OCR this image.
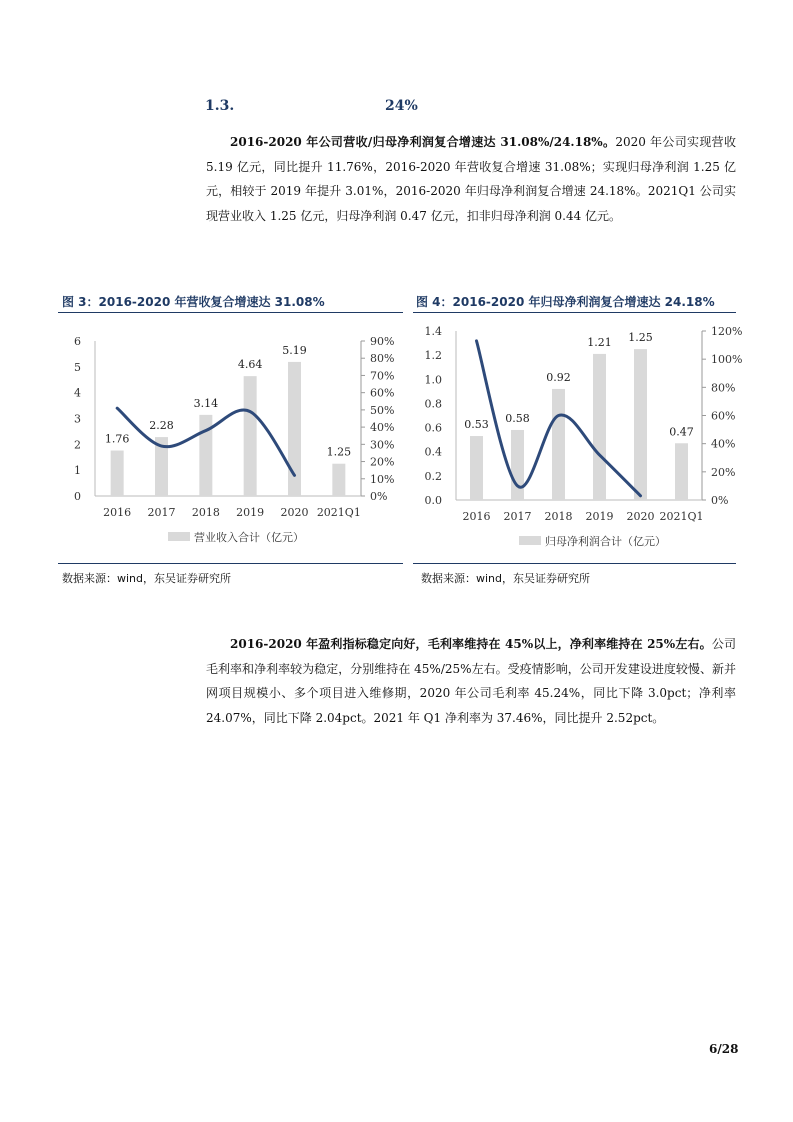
1.3.	24%

2016-2020 年公司营收/归母净利润复合增速达 31.08%/24.18%。2020 年公司实现营收 5.19 亿元，同比提升 11.76%，2016-2020 年营收复合增速 31.08%；实现归母净利润 1.25 亿元，相较于 2019 年提升 3.01%，2016-2020 年归母净利润复合增速 24.18%。2021Q1 公司实现营业收入 1.25 亿元，归母净利润 0.47 亿元，扣非归母净利润 0.44 亿元。

图 3：2016-2020 年营收复合增速达 31.08%	图 4：2016-2020 年归母净利润复合增速达 24.18%
0
1
2
3
4
5
6
0%
10%
20%
30%
40%
50%
60%
70%
80%
90%
1.76
2.28
3.14
4.64
5.19
1.25
2016 2017 2018 2019 2020 2021Q1
营业收入合计（亿元）
0.0
0.2
0.4
0.6
0.8
1.0
1.2
1.4
0%
20%
40%
60%
80%
100%
120%
0.53 0.58
0.92
1.21 1.25
0.47
2016 2017 2018 2019 2020 2021Q1
归母净利润合计（亿元）
数据来源：wind，东吴证券研究所	数据来源：wind，东吴证券研究所

2016-2020 年盈利指标稳定向好，毛利率维持在 45%以上，净利率维持在 25%左右。公司毛利率和净利率较为稳定，分别维持在 45%/25%左右。受疫情影响，公司开发建设进度较慢、新并网项目规模小、多个项目进入维修期，2020 年公司毛利率 45.24%，同比下降 3.0pct；净利率 24.07%，同比下降 2.04pct。2021 年 Q1 净利率为 37.46%，同比提升 2.52pct。

6/28
